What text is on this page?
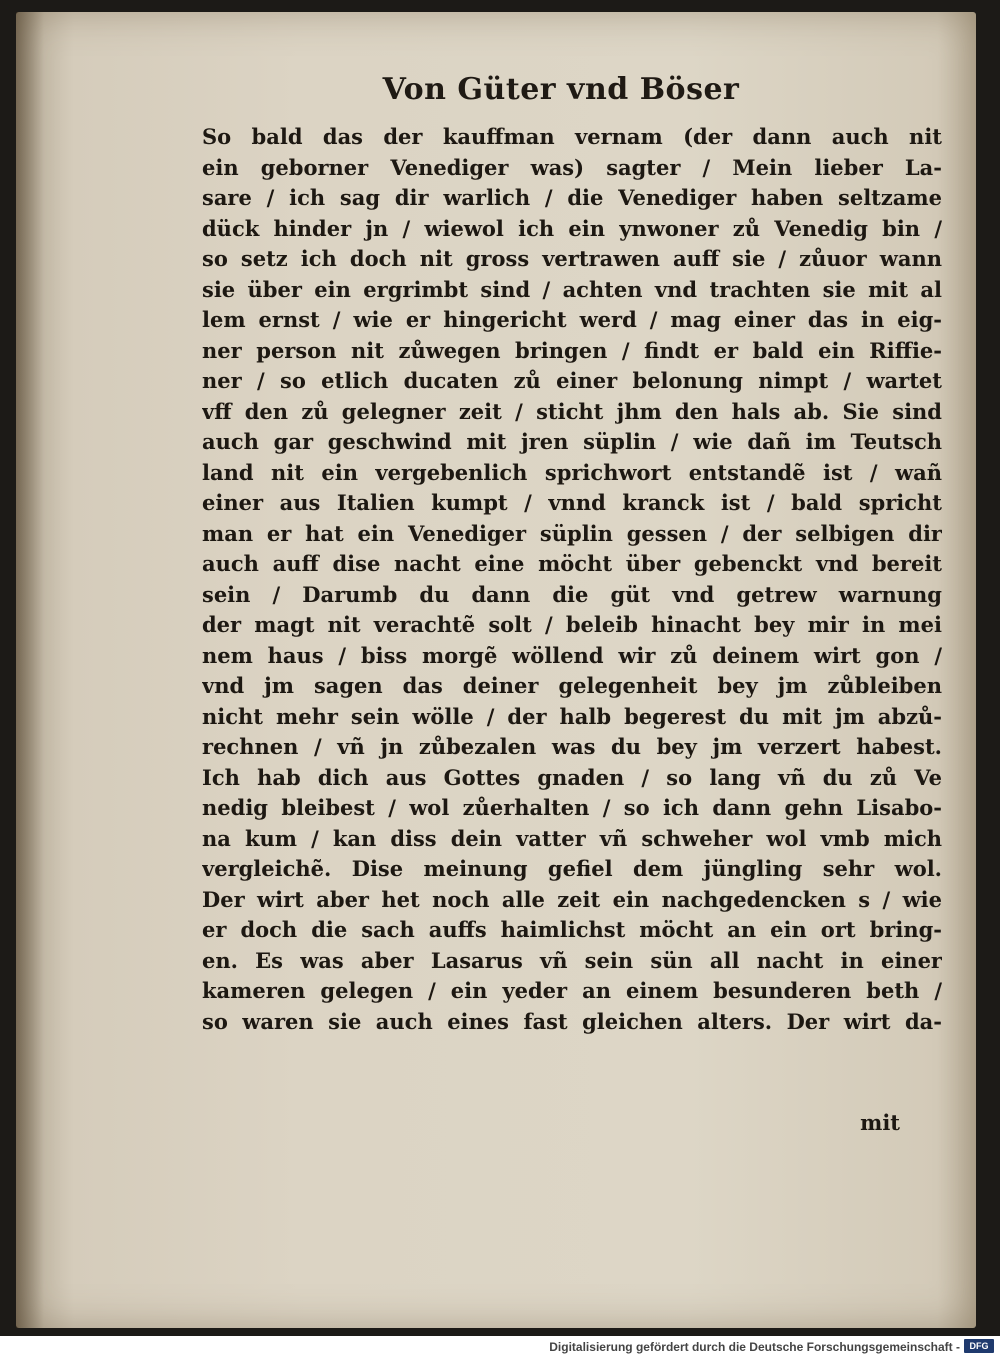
Von Güter vnd Böser
So bald das der kauffman vernam (der dann auch nit
ein geborner Venediger was) sagter / Mein lieber La-
sare / ich sag dir warlich / die Venediger haben seltzame
dück hinder jn / wiewol ich ein ynwoner zů Venedig bin /
so setz ich doch nit gross vertrawen auff sie / zůuor wann
sie über ein ergrimbt sind / achten vnd trachten sie mit al
lem ernst / wie er hingericht werd / mag einer das in eig-
ner person nit zůwegen bringen / findt er bald ein Riffie-
ner / so etlich ducaten zů einer belonung nimpt / wartet
vff den zů gelegner zeit / sticht jhm den hals ab. Sie sind
auch gar geschwind mit jren süplin / wie dañ im Teutsch
land nit ein vergebenlich sprichwort entstandẽ ist / wañ
einer aus Italien kumpt / vnnd kranck ist / bald spricht
man er hat ein Venediger süplin gessen / der selbigen dir
auch auff dise nacht eine möcht über gebenckt vnd bereit
sein / Darumb du dann die güt vnd getrew warnung
der magt nit verachtẽ solt / beleib hinacht bey mir in mei
nem haus / biss morgẽ wöllend wir zů deinem wirt gon /
vnd jm sagen das deiner gelegenheit bey jm zůbleiben
nicht mehr sein wölle / der halb begerest du mit jm abzů-
rechnen / vñ jn zůbezalen was du bey jm verzert habest.
Ich hab dich aus Gottes gnaden / so lang vñ du zů Ve
nedig bleibest / wol zůerhalten / so ich dann gehn Lisabo-
na kum / kan diss dein vatter vñ schweher wol vmb mich
vergleichẽ. Dise meinung gefiel dem jüngling sehr wol.
Der wirt aber het noch alle zeit ein nachgedencken s / wie
er doch die sach auffs haimlichst möcht an ein ort bring-
en. Es was aber Lasarus vñ sein sün all nacht in einer
kameren gelegen / ein yeder an einem besunderen beth /
so waren sie auch eines fast gleichen alters. Der wirt da-
mit
Digitalisierung gefördert durch die Deutsche Forschungsgemeinschaft -	DFG
